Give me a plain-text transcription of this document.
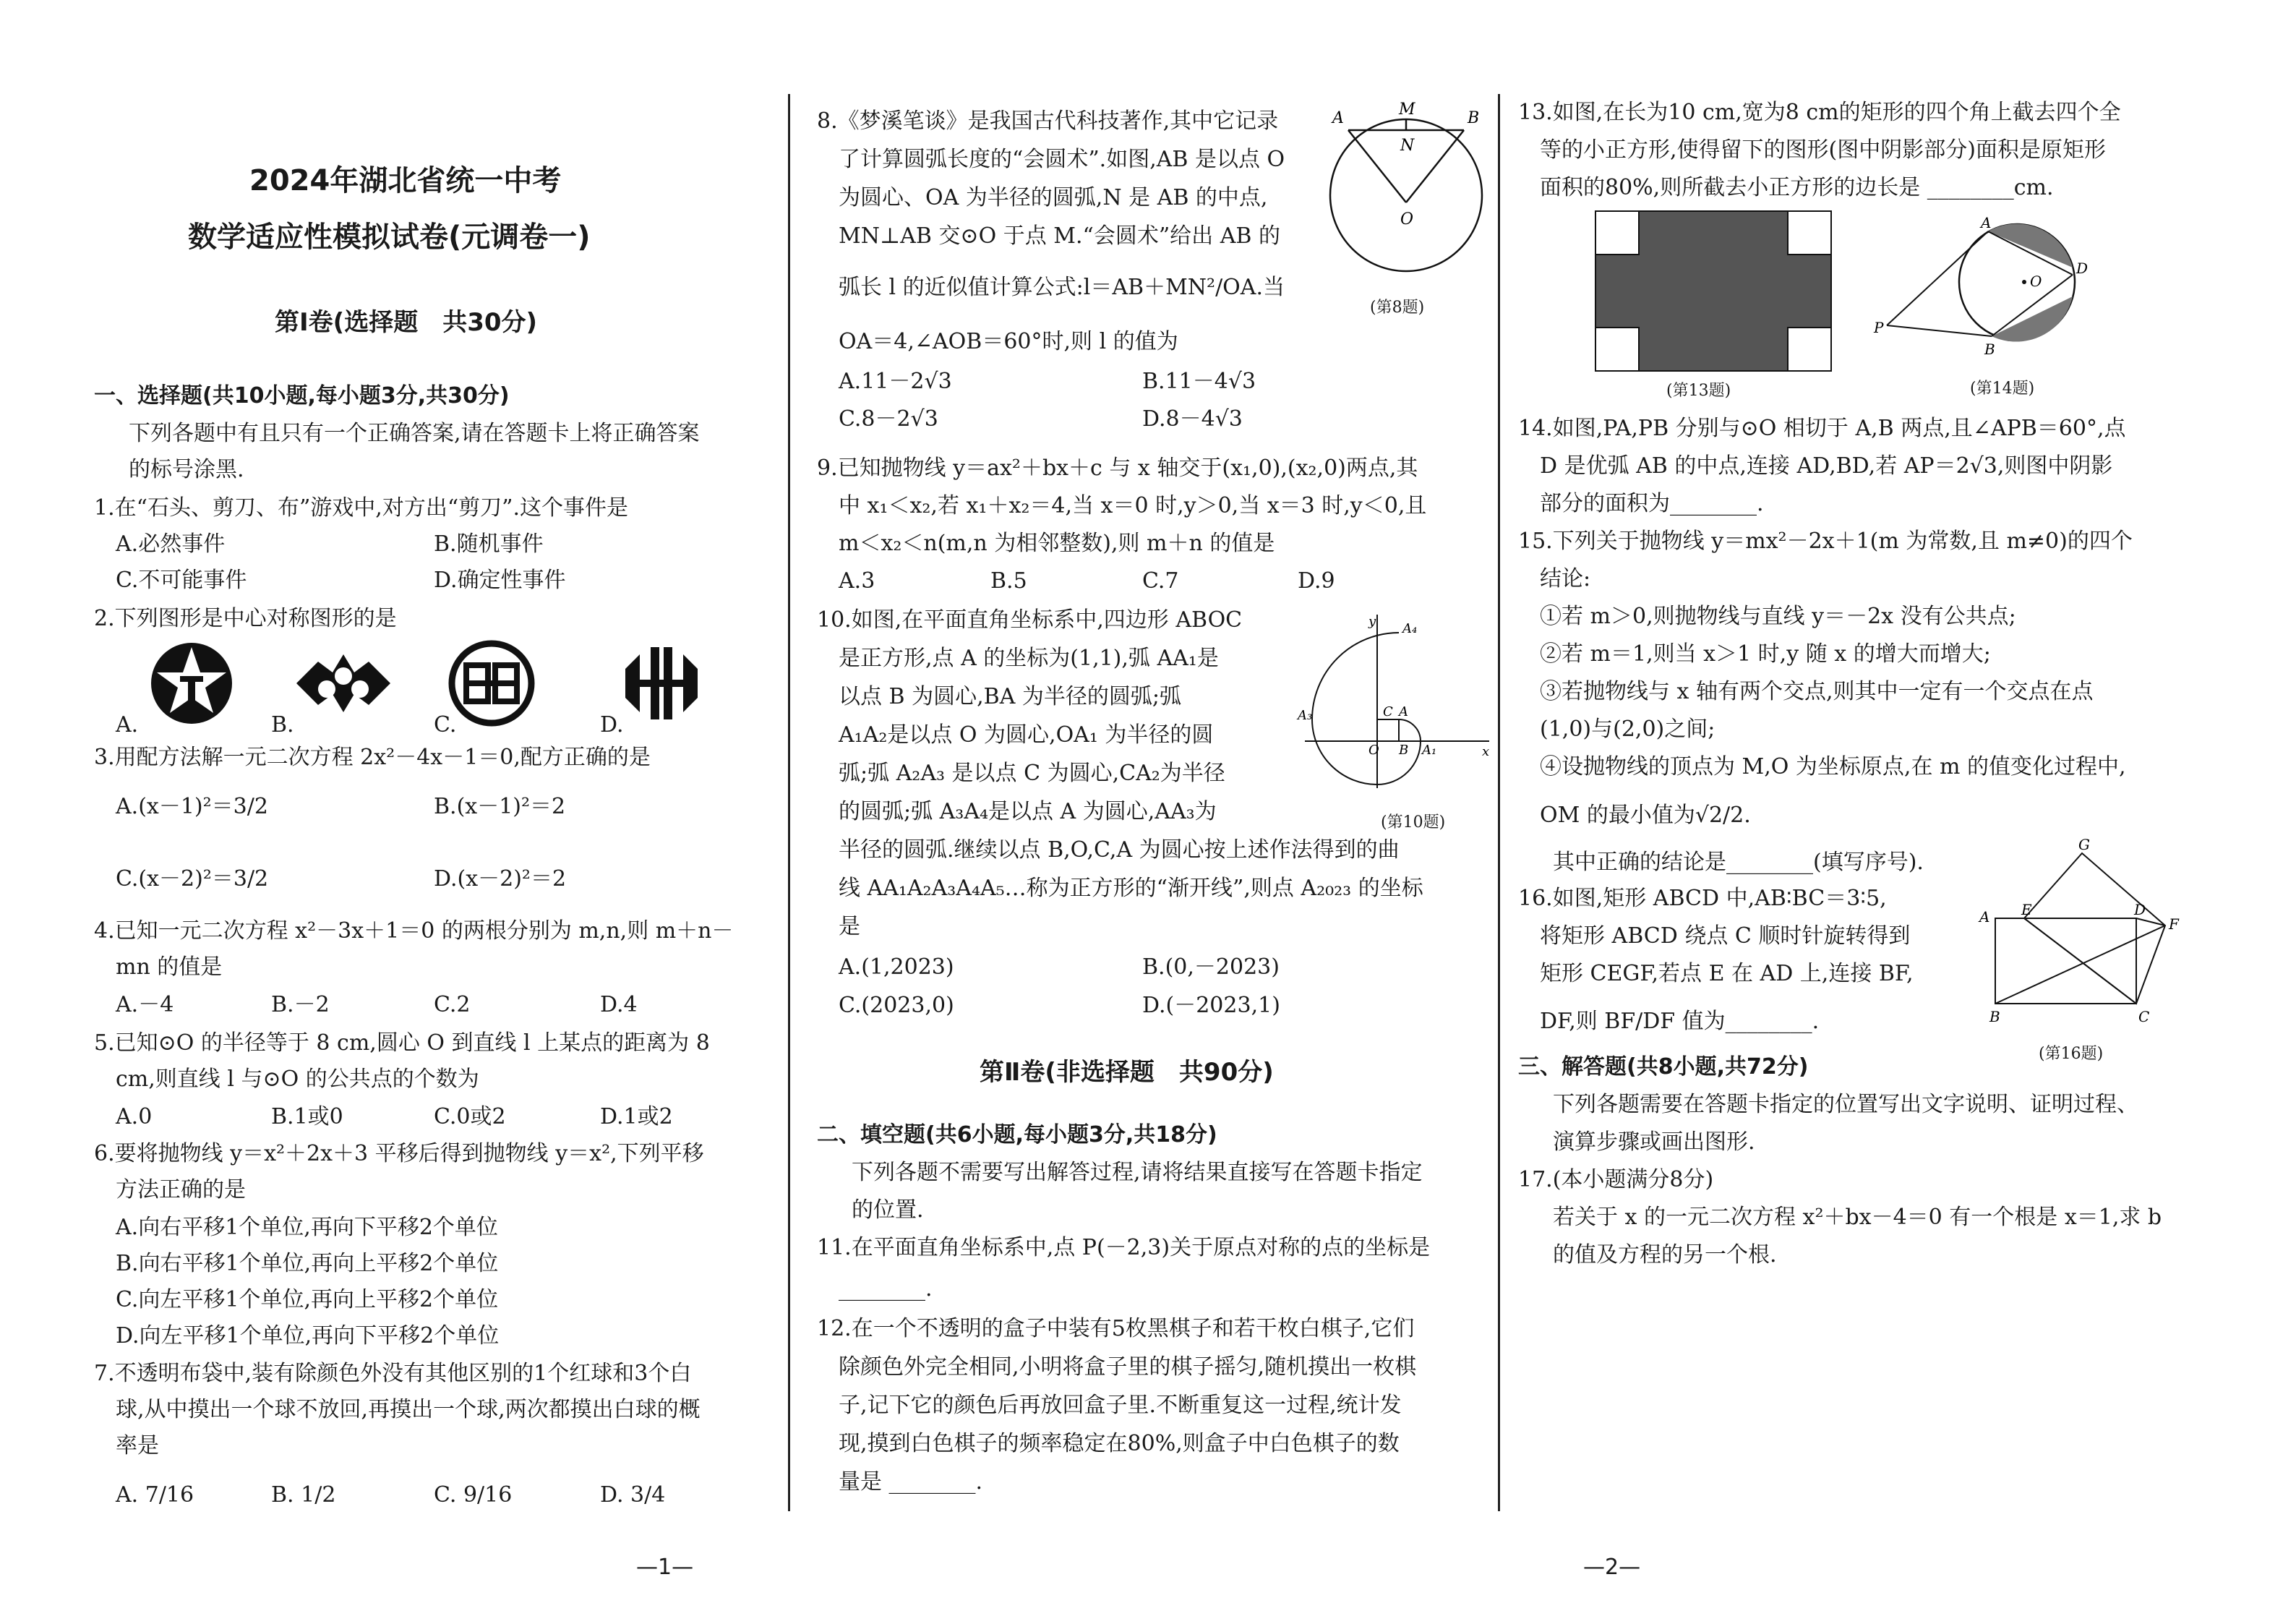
2024年湖北省统一中考
数学适应性模拟试卷(元调卷一)
第Ⅰ卷(选择题　共30分)
一、选择题(共10小题,每小题3分,共30分)
下列各题中有且只有一个正确答案,请在答题卡上将正确答案
的标号涂黑.
1.在“石头、剪刀、布”游戏中,对方出“剪刀”.这个事件是
A.必然事件	B.随机事件
C.不可能事件	D.确定性事件
2.下列图形是中心对称图形的是
A.	B.	C.	D.
3.用配方法解一元二次方程 2x²－4x－1＝0,配方正确的是
A.(x－1)²＝3/2	B.(x－1)²＝2
C.(x－2)²＝3/2	D.(x－2)²＝2
4.已知一元二次方程 x²－3x＋1＝0 的两根分别为 m,n,则 m＋n－
mn 的值是
A.－4	B.－2	C.2	D.4
5.已知⊙O 的半径等于 8 cm,圆心 O 到直线 l 上某点的距离为 8
cm,则直线 l 与⊙O 的公共点的个数为
A.0	B.1或0	C.0或2	D.1或2
6.要将抛物线 y＝x²＋2x＋3 平移后得到抛物线 y＝x²,下列平移
方法正确的是
A.向右平移1个单位,再向下平移2个单位
B.向右平移1个单位,再向上平移2个单位
C.向左平移1个单位,再向上平移2个单位
D.向左平移1个单位,再向下平移2个单位
7.不透明布袋中,装有除颜色外没有其他区别的1个红球和3个白
球,从中摸出一个球不放回,再摸出一个球,两次都摸出白球的概
率是
A. 7/16	B. 1/2	C. 9/16	D. 3/4
—1—
8.《梦溪笔谈》是我国古代科技著作,其中它记录
了计算圆弧长度的“会圆术”.如图,AB 是以点 O
为圆心、OA 为半径的圆弧,N 是 AB 的中点,
MN⊥AB 交⊙O 于点 M.“会圆术”给出 AB 的
弧长 l 的近似值计算公式:l＝AB＋MN²/OA.当
OA＝4,∠AOB＝60°时,则 l 的值为
A	B
M
N
O
(第8题)
A.11－2√3	B.11－4√3
C.8－2√3	D.8－4√3
9.已知抛物线 y＝ax²＋bx＋c 与 x 轴交于(x₁,0),(x₂,0)两点,其
中 x₁＜x₂,若 x₁＋x₂＝4,当 x＝0 时,y＞0,当 x＝3 时,y＜0,且
m＜x₂＜n(m,n 为相邻整数),则 m＋n 的值是
A.3	B.5	C.7	D.9
10.如图,在平面直角坐标系中,四边形 ABOC
是正方形,点 A 的坐标为(1,1),弧 AA₁是
以点 B 为圆心,BA 为半径的圆弧;弧
A₁A₂是以点 O 为圆心,OA₁ 为半径的圆
弧;弧 A₂A₃ 是以点 C 为圆心,CA₂为半径
的圆弧;弧 A₃A₄是以点 A 为圆心,AA₃为
半径的圆弧.继续以点 B,O,C,A 为圆心按上述作法得到的曲
线 AA₁A₂A₃A₄A₅…称为正方形的“渐开线”,则点 A₂₀₂₃ 的坐标
是
y
x
C A
O B A₁
A₃
A₄
(第10题)
A.(1,2023)	B.(0,－2023)
C.(2023,0)	D.(－2023,1)
第Ⅱ卷(非选择题　共90分)
二、填空题(共6小题,每小题3分,共18分)
下列各题不需要写出解答过程,请将结果直接写在答题卡指定
的位置.
11.在平面直角坐标系中,点 P(－2,3)关于原点对称的点的坐标是
________.
12.在一个不透明的盒子中装有5枚黑棋子和若干枚白棋子,它们
除颜色外完全相同,小明将盒子里的棋子摇匀,随机摸出一枚棋
子,记下它的颜色后再放回盒子里.不断重复这一过程,统计发
现,摸到白色棋子的频率稳定在80%,则盒子中白色棋子的数
量是 ________.
13.如图,在长为10 cm,宽为8 cm的矩形的四个角上截去四个全
等的小正方形,使得留下的图形(图中阴影部分)面积是原矩形
面积的80%,则所截去小正方形的边长是 ________cm.
(第13题)
A
D
O
P
B
(第14题)
14.如图,PA,PB 分别与⊙O 相切于 A,B 两点,且∠APB＝60°,点
D 是优弧 AB 的中点,连接 AD,BD,若 AP＝2√3,则图中阴影
部分的面积为________.
15.下列关于抛物线 y＝mx²－2x＋1(m 为常数,且 m≠0)的四个
结论:
①若 m＞0,则抛物线与直线 y＝－2x 没有公共点;
②若 m＝1,则当 x＞1 时,y 随 x 的增大而增大;
③若抛物线与 x 轴有两个交点,则其中一定有一个交点在点
(1,0)与(2,0)之间;
④设抛物线的顶点为 M,O 为坐标原点,在 m 的值变化过程中,
OM 的最小值为√2/2.
其中正确的结论是________(填写序号).
16.如图,矩形 ABCD 中,AB∶BC＝3∶5,
将矩形 ABCD 绕点 C 顺时针旋转得到
矩形 CEGF,若点 E 在 AD 上,连接 BF,
DF,则 BF/DF 值为________.
A E	D
G
F
B	C
(第16题)
三、解答题(共8小题,共72分)
下列各题需要在答题卡指定的位置写出文字说明、证明过程、
演算步骤或画出图形.
17.(本小题满分8分)
若关于 x 的一元二次方程 x²＋bx－4＝0 有一个根是 x＝1,求 b
的值及方程的另一个根.
—2—
